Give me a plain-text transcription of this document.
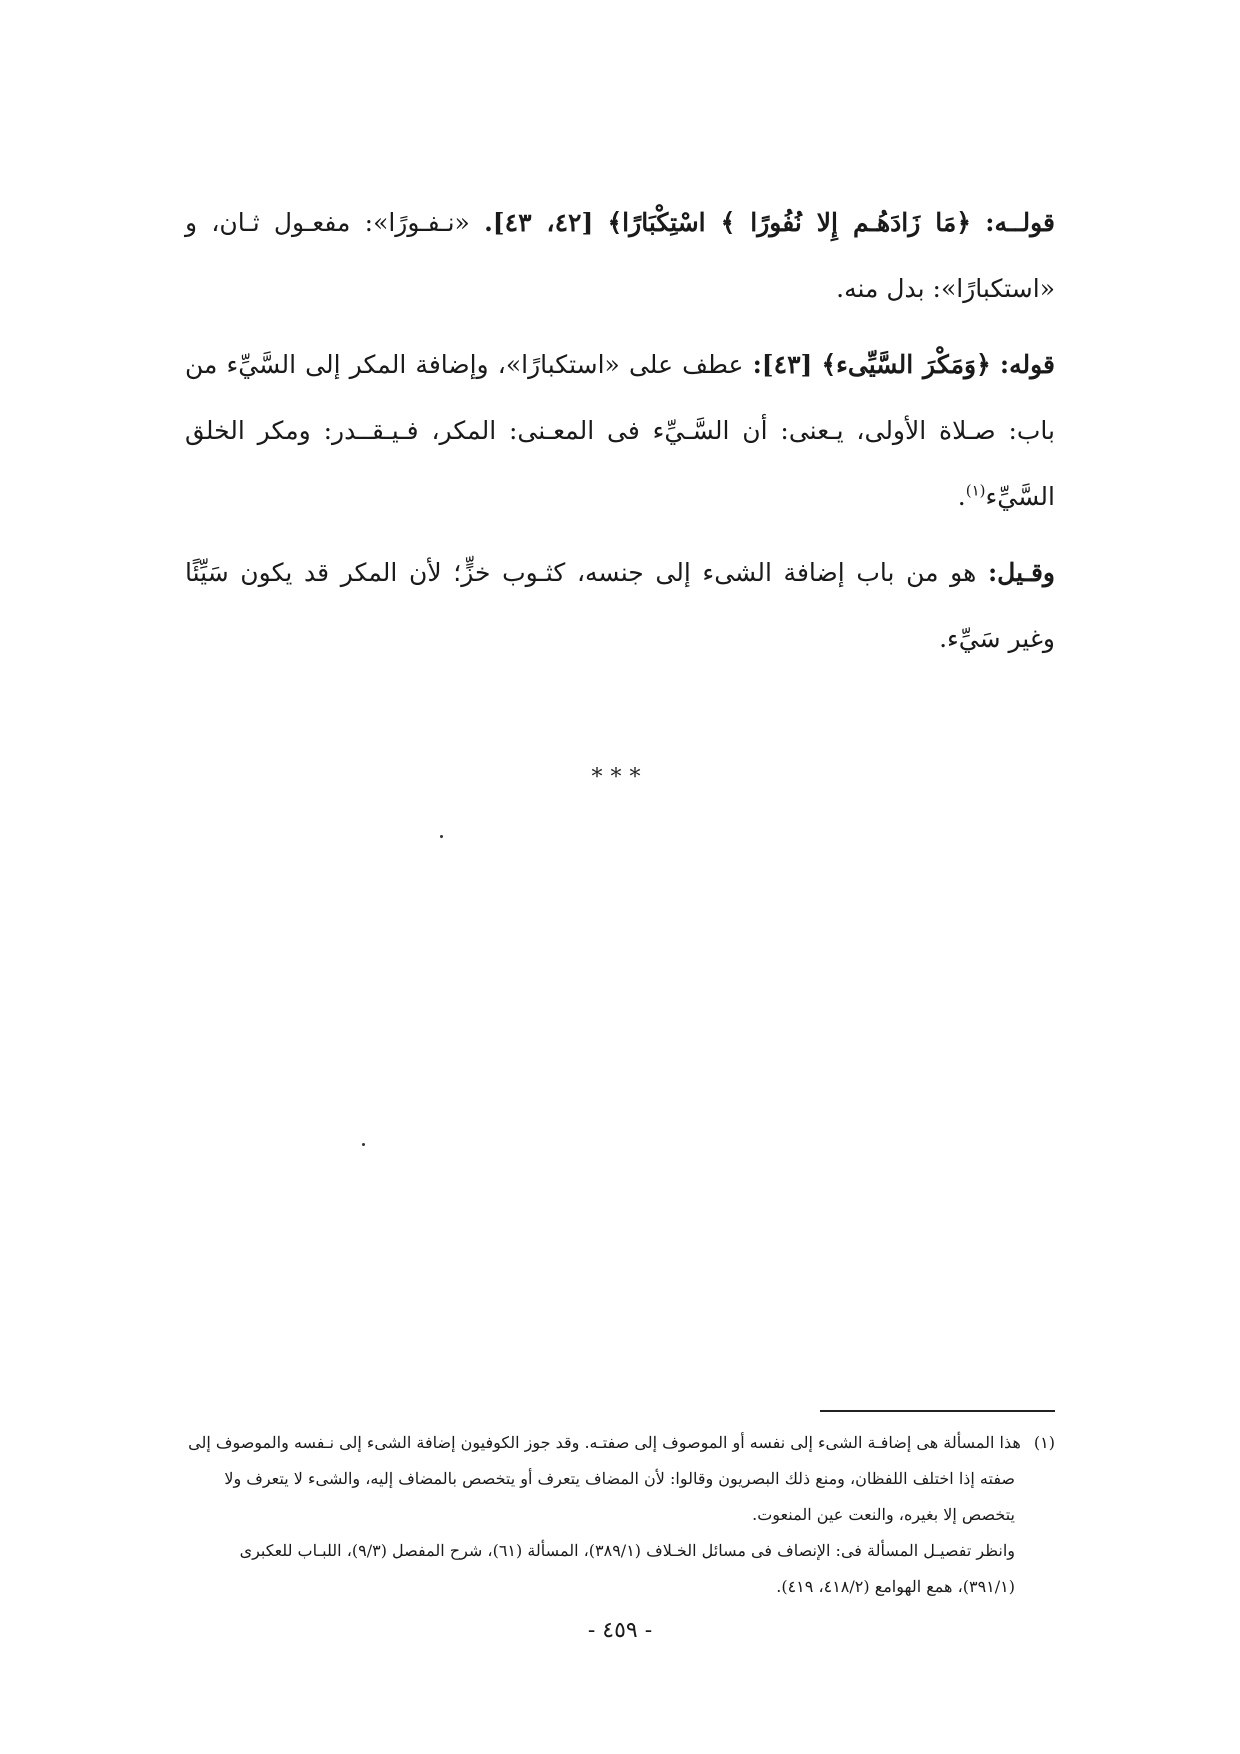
قولــه: ﴿مَا زَادَهُـم إِلا نُفُورًا ﴾ اسْتِكْبَارًا﴾ [٤٢، ٤٣]. «نـفـورًا»: مفعـول ثـان، و «استكبارًا»: بدل منه.

قوله: ﴿وَمَكْرَ السَّيِّىء﴾ [٤٣]: عطف على «استكبارًا»، وإضافة المكر إلى السَّيِّء من باب: صـلاة الأولى، يـعنى: أن السَّـيِّء فى المعـنى: المكر، فـيـقــدر: ومكر الخلق السَّيِّء$^{(١)}$.

وقـيل: هو من باب إضافة الشىء إلى جنسه، كثـوب خزٍّ؛ لأن المكر قد يكون سَيِّئًا وغير سَيِّء.

***

(١) هذا المسألة هى إضافـة الشىء إلى نفسه أو الموصوف إلى صفتـه. وقد جوز الكوفيون إضافة الشىء إلى نـفسه والموصوف إلى

صفته إذا اختلف اللفظان، ومنع ذلك البصريون وقالوا: لأن المضاف يتعرف أو يتخصص بالمضاف إليه، والشىء لا يتعرف ولا

يتخصص إلا بغيره، والنعت عين المنعوت.

وانظر تفصيـل المسألة فى: الإنصاف فى مسائل الخـلاف (٣٨٩/١)، المسألة (٦١)، شرح المفصل (٩/٣)، اللبـاب للعكبرى

(٣٩١/١)، همع الهوامع (٤١٨/٢، ٤١٩).

- ٤٥٩ -
